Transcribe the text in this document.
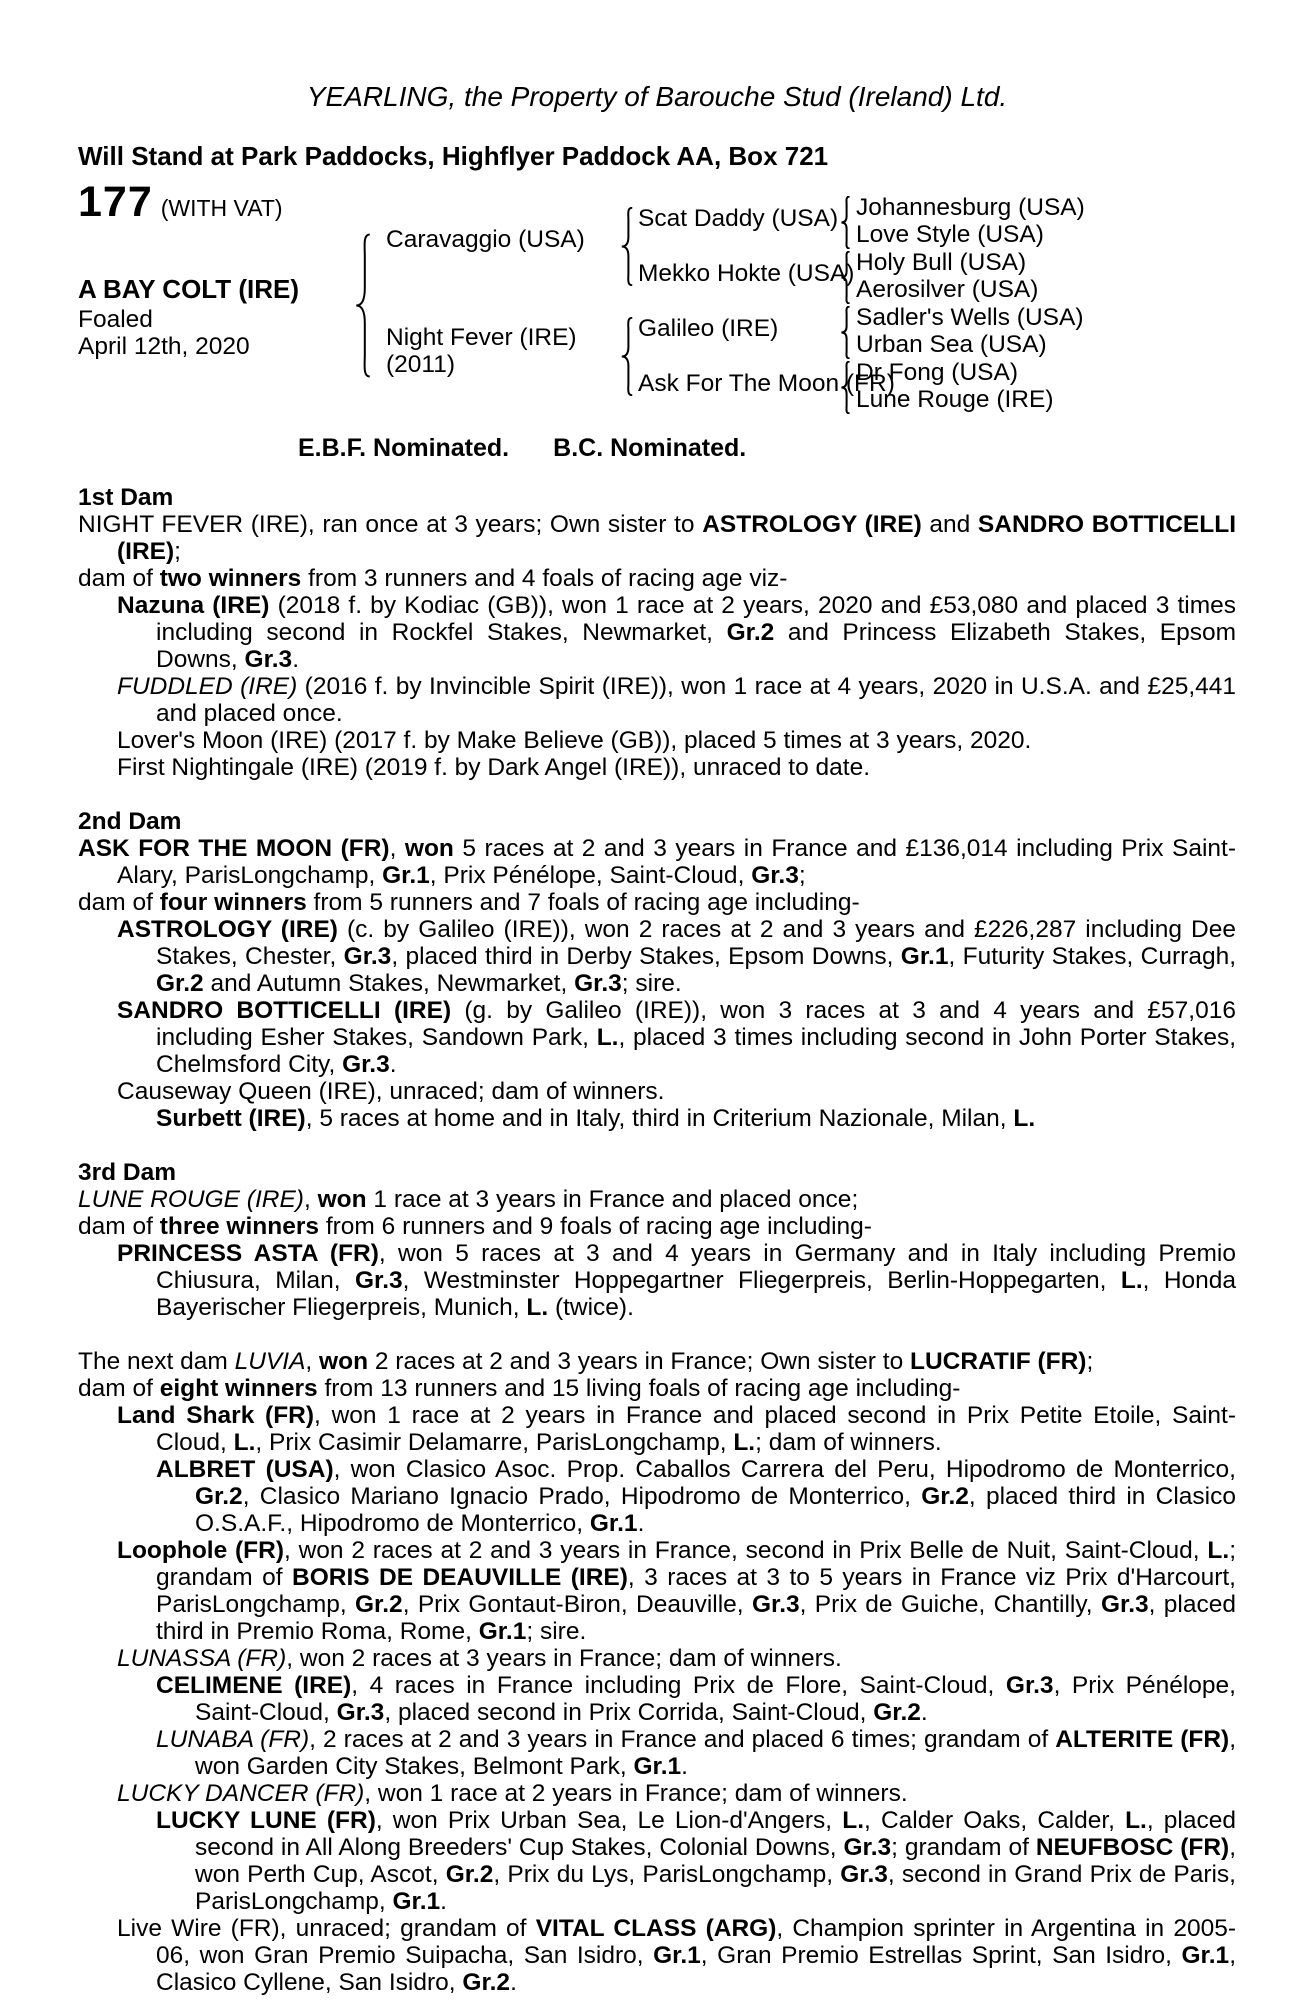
YEARLING, the Property of Barouche Stud (Ireland) Ltd.
Will Stand at Park Paddocks, Highflyer Paddock AA, Box 721
177 (WITH VAT)
A BAY COLT (IRE)
Foaled
April 12th, 2020
Caravaggio (USA)
Night Fever (IRE)
(2011)
Scat Daddy (USA)
Mekko Hokte (USA)
Galileo (IRE)
Ask For The Moon (FR)
Johannesburg (USA)
Love Style (USA)
Holy Bull (USA)
Aerosilver (USA)
Sadler's Wells (USA)
Urban Sea (USA)
Dr Fong (USA)
Lune Rouge (IRE)
E.B.F. Nominated. B.C. Nominated.
1st Dam

NIGHT FEVER (IRE), ran once at 3 years; Own sister to ASTROLOGY (IRE) and SANDRO BOTTICELLI (IRE);

dam of two winners from 3 runners and 4 foals of racing age viz-

Nazuna (IRE) (2018 f. by Kodiac (GB)), won 1 race at 2 years, 2020 and £53,080 and placed 3 times including second in Rockfel Stakes, Newmarket, Gr.2 and Princess Elizabeth Stakes, Epsom Downs, Gr.3.

FUDDLED (IRE) (2016 f. by Invincible Spirit (IRE)), won 1 race at 4 years, 2020 in U.S.A. and £25,441 and placed once.

Lover's Moon (IRE) (2017 f. by Make Believe (GB)), placed 5 times at 3 years, 2020.

First Nightingale (IRE) (2019 f. by Dark Angel (IRE)), unraced to date.

2nd Dam

ASK FOR THE MOON (FR), won 5 races at 2 and 3 years in France and £136,014 including Prix Saint-Alary, ParisLongchamp, Gr.1, Prix Pénélope, Saint-Cloud, Gr.3;

dam of four winners from 5 runners and 7 foals of racing age including-

ASTROLOGY (IRE) (c. by Galileo (IRE)), won 2 races at 2 and 3 years and £226,287 including Dee Stakes, Chester, Gr.3, placed third in Derby Stakes, Epsom Downs, Gr.1, Futurity Stakes, Curragh, Gr.2 and Autumn Stakes, Newmarket, Gr.3; sire.

SANDRO BOTTICELLI (IRE) (g. by Galileo (IRE)), won 3 races at 3 and 4 years and £57,016 including Esher Stakes, Sandown Park, L., placed 3 times including second in John Porter Stakes, Chelmsford City, Gr.3.

Causeway Queen (IRE), unraced; dam of winners.

Surbett (IRE), 5 races at home and in Italy, third in Criterium Nazionale, Milan, L.

3rd Dam

LUNE ROUGE (IRE), won 1 race at 3 years in France and placed once;

dam of three winners from 6 runners and 9 foals of racing age including-

PRINCESS ASTA (FR), won 5 races at 3 and 4 years in Germany and in Italy including Premio Chiusura, Milan, Gr.3, Westminster Hoppegartner Fliegerpreis, Berlin-Hoppegarten, L., Honda Bayerischer Fliegerpreis, Munich, L. (twice).

The next dam LUVIA, won 2 races at 2 and 3 years in France; Own sister to LUCRATIF (FR);

dam of eight winners from 13 runners and 15 living foals of racing age including-

Land Shark (FR), won 1 race at 2 years in France and placed second in Prix Petite Etoile, Saint-Cloud, L., Prix Casimir Delamarre, ParisLongchamp, L.; dam of winners.

ALBRET (USA), won Clasico Asoc. Prop. Caballos Carrera del Peru, Hipodromo de Monterrico, Gr.2, Clasico Mariano Ignacio Prado, Hipodromo de Monterrico, Gr.2, placed third in Clasico O.S.A.F., Hipodromo de Monterrico, Gr.1.

Loophole (FR), won 2 races at 2 and 3 years in France, second in Prix Belle de Nuit, Saint-Cloud, L.; grandam of BORIS DE DEAUVILLE (IRE), 3 races at 3 to 5 years in France viz Prix d'Harcourt, ParisLongchamp, Gr.2, Prix Gontaut-Biron, Deauville, Gr.3, Prix de Guiche, Chantilly, Gr.3, placed third in Premio Roma, Rome, Gr.1; sire.

LUNASSA (FR), won 2 races at 3 years in France; dam of winners.

CELIMENE (IRE), 4 races in France including Prix de Flore, Saint-Cloud, Gr.3, Prix Pénélope, Saint-Cloud, Gr.3, placed second in Prix Corrida, Saint-Cloud, Gr.2.

LUNABA (FR), 2 races at 2 and 3 years in France and placed 6 times; grandam of ALTERITE (FR), won Garden City Stakes, Belmont Park, Gr.1.

LUCKY DANCER (FR), won 1 race at 2 years in France; dam of winners.

LUCKY LUNE (FR), won Prix Urban Sea, Le Lion-d'Angers, L., Calder Oaks, Calder, L., placed second in All Along Breeders' Cup Stakes, Colonial Downs, Gr.3; grandam of NEUFBOSC (FR), won Perth Cup, Ascot, Gr.2, Prix du Lys, ParisLongchamp, Gr.3, second in Grand Prix de Paris, ParisLongchamp, Gr.1.

Live Wire (FR), unraced; grandam of VITAL CLASS (ARG), Champion sprinter in Argentina in 2005-06, won Gran Premio Suipacha, San Isidro, Gr.1, Gran Premio Estrellas Sprint, San Isidro, Gr.1, Clasico Cyllene, San Isidro, Gr.2.
